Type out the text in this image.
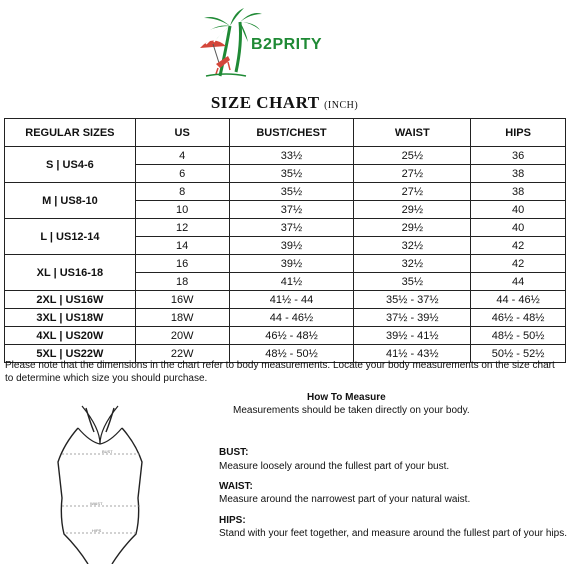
B2PRITY
SIZE CHART (INCH)
REGULAR SIZES	US	BUST/CHEST	WAIST	HIPS
S | US4-6	4	33½	25½	36
	6	35½	27½	38
M | US8-10	8	35½	27½	38
	10	37½	29½	40
L | US12-14	12	37½	29½	40
	14	39½	32½	42
XL | US16-18	16	39½	32½	42
	18	41½	35½	44
2XL | US16W	16W	41½ - 44	35½ - 37½	44 - 46½
3XL | US18W	18W	44 - 46½	37½ - 39½	46½ - 48½
4XL | US20W	20W	46½ - 48½	39½ - 41½	48½ - 50½
5XL | US22W	22W	48½ - 50½	41½ - 43½	50½ - 52½
Please note that the dimensions in the chart refer to body measurements. Locate your body measurements on the size chart to determine which size you should purchase.
BUST
WAIST
HIPS
How To Measure
Measurements should be taken directly on your body.
BUST:
Measure loosely around the fullest part of your bust.
WAIST:
Measure around the narrowest part of your natural waist.
HIPS:
Stand with your feet together, and measure around the fullest part of your hips.
